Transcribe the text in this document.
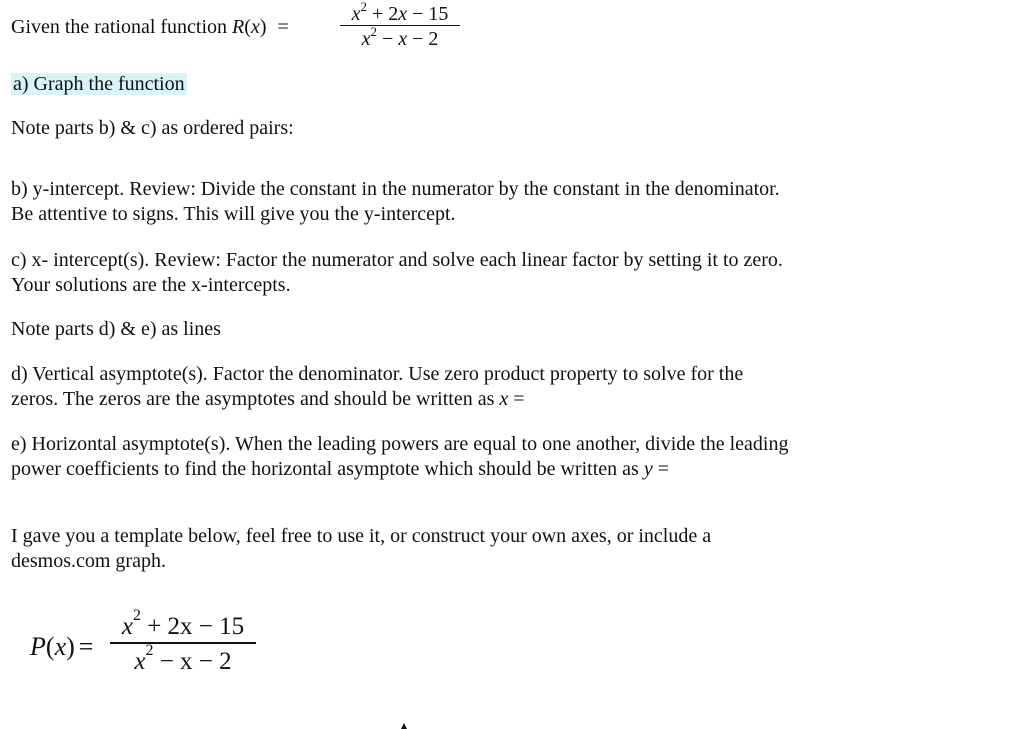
Given the rational function R(x) =
$x^2 + 2x - 15$
$x^2 - x - 2$
a) Graph the function
Note parts b) & c) as ordered pairs:
b) y-intercept. Review: Divide the constant in the numerator by the constant in the denominator.
Be attentive to signs. This will give you the y-intercept.
c) x- intercept(s). Review: Factor the numerator and solve each linear factor by setting it to zero.
Your solutions are the x-intercepts.
Note parts d) & e) as lines
d) Vertical asymptote(s). Factor the denominator. Use zero product property to solve for the
zeros. The zeros are the asymptotes and should be written as x =
e) Horizontal asymptote(s). When the leading powers are equal to one another, divide the leading
power coefficients to find the horizontal asymptote which should be written as y =
I gave you a template below, feel free to use it, or construct your own axes, or include a
desmos.com graph.
P(x) =
$x^2 + 2x - 15$
$x^2 - x - 2$
